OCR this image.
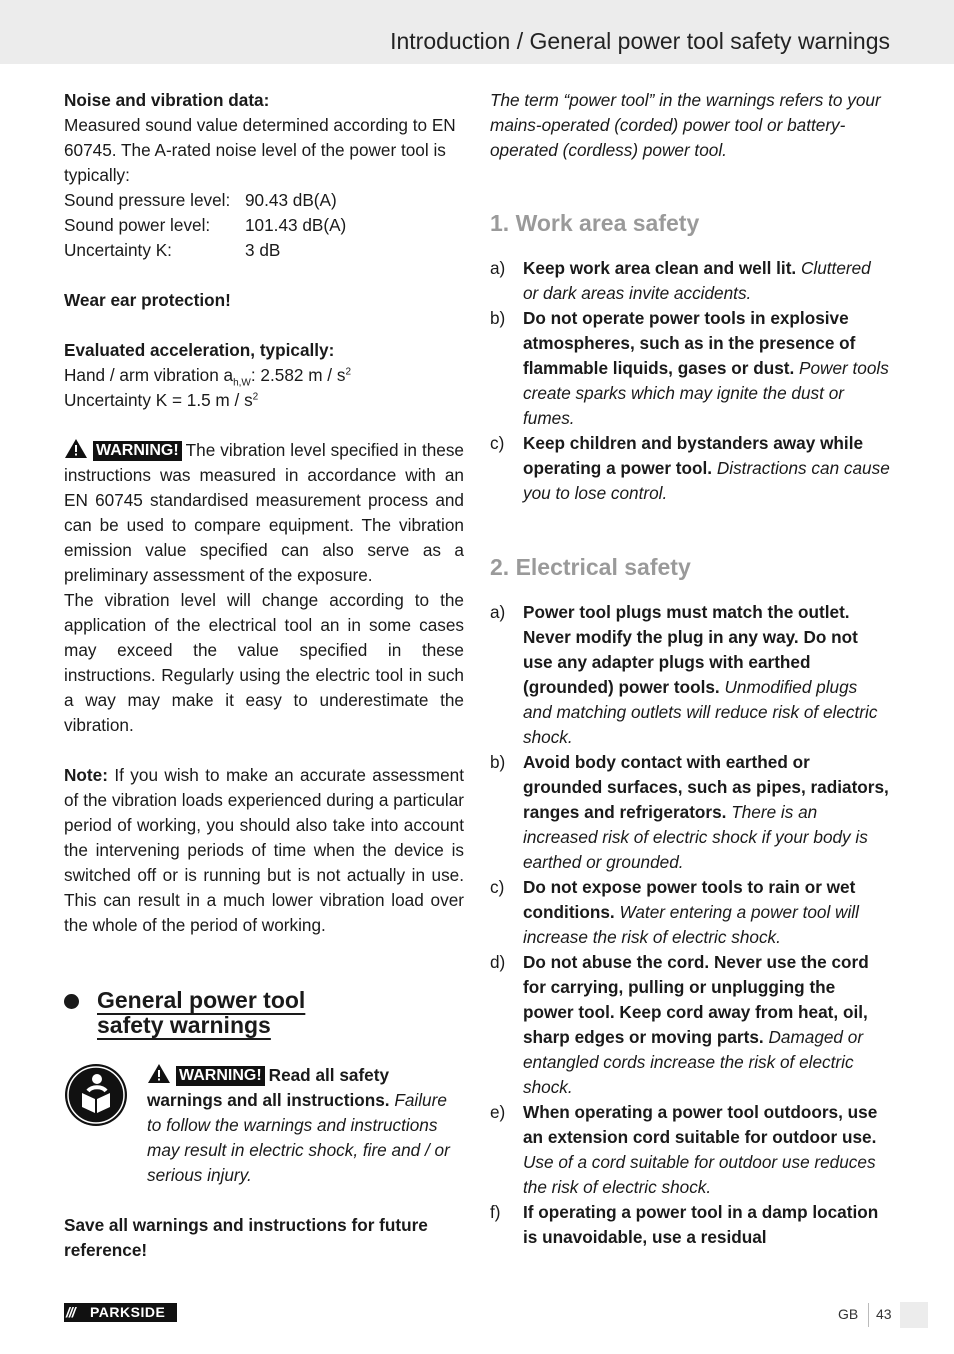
Introduction / General power tool safety warnings

Noise and vibration data:

Measured sound value determined according to EN 60745. The A-rated noise level of the power tool is typically:

Sound pressure level: 90.43 dB(A)
Sound power level:	101.43 dB(A)
Uncertainty K:	3 dB

Wear ear protection!

Evaluated acceleration, typically:

Hand / arm vibration $a_{h,W}$: 2.582 m / $s^2$

Uncertainty K = 1.5 m / $s^2$

WARNING! The vibration level specified in these instructions was measured in accordance with an EN 60745 standardised measurement process and can be used to compare equipment. The vibration emission value specified can also serve as a preliminary assessment of the exposure.

The vibration level will change according to the application of the electrical tool an in some cases may exceed the value specified in these instructions. Regularly using the electric tool in such a way may make it easy to underestimate the vibration.

Note: If you wish to make an accurate assessment of the vibration loads experienced during a particular period of working, you should also take into account the intervening periods of time when the device is switched off or is running but is not actually in use. This can result in a much lower vibration load over the whole of the period of working.

General power tool
safety warnings

WARNING! Read all safety warnings and all instructions. Failure to follow the warnings and instructions may result in electric shock, fire and / or serious injury.

Save all warnings and instructions for future reference!

The term “power tool” in the warnings refers to your mains-operated (corded) power tool or battery-operated (cordless) power tool.

1. Work area safety
a)	Keep work area clean and well lit. Cluttered or dark areas invite accidents.
b)	Do not operate power tools in explosive atmospheres, such as in the presence of flammable liquids, gases or dust. Power tools create sparks which may ignite the dust or fumes.
c)	Keep children and bystanders away while operating a power tool. Distractions can cause you to lose control.
2. Electrical safety
a)	Power tool plugs must match the outlet. Never modify the plug in any way. Do not use any adapter plugs with earthed (grounded) power tools. Unmodified plugs and matching outlets will reduce risk of electric shock.
b)	Avoid body contact with earthed or grounded surfaces, such as pipes, radiators, ranges and refrigerators. There is an increased risk of electric shock if your body is earthed or grounded.
c)	Do not expose power tools to rain or wet conditions. Water entering a power tool will increase the risk of electric shock.
d)	Do not abuse the cord. Never use the cord for carrying, pulling or unplugging the power tool. Keep cord away from heat, oil, sharp edges or moving parts. Damaged or entangled cords increase the risk of electric shock.
e)	When operating a power tool outdoors, use an extension cord suitable for outdoor use. Use of a cord suitable for outdoor use reduces the risk of electric shock.
f)	If operating a power tool in a damp location is unavoidable, use a residual
/// PARKSIDE	GB 43
